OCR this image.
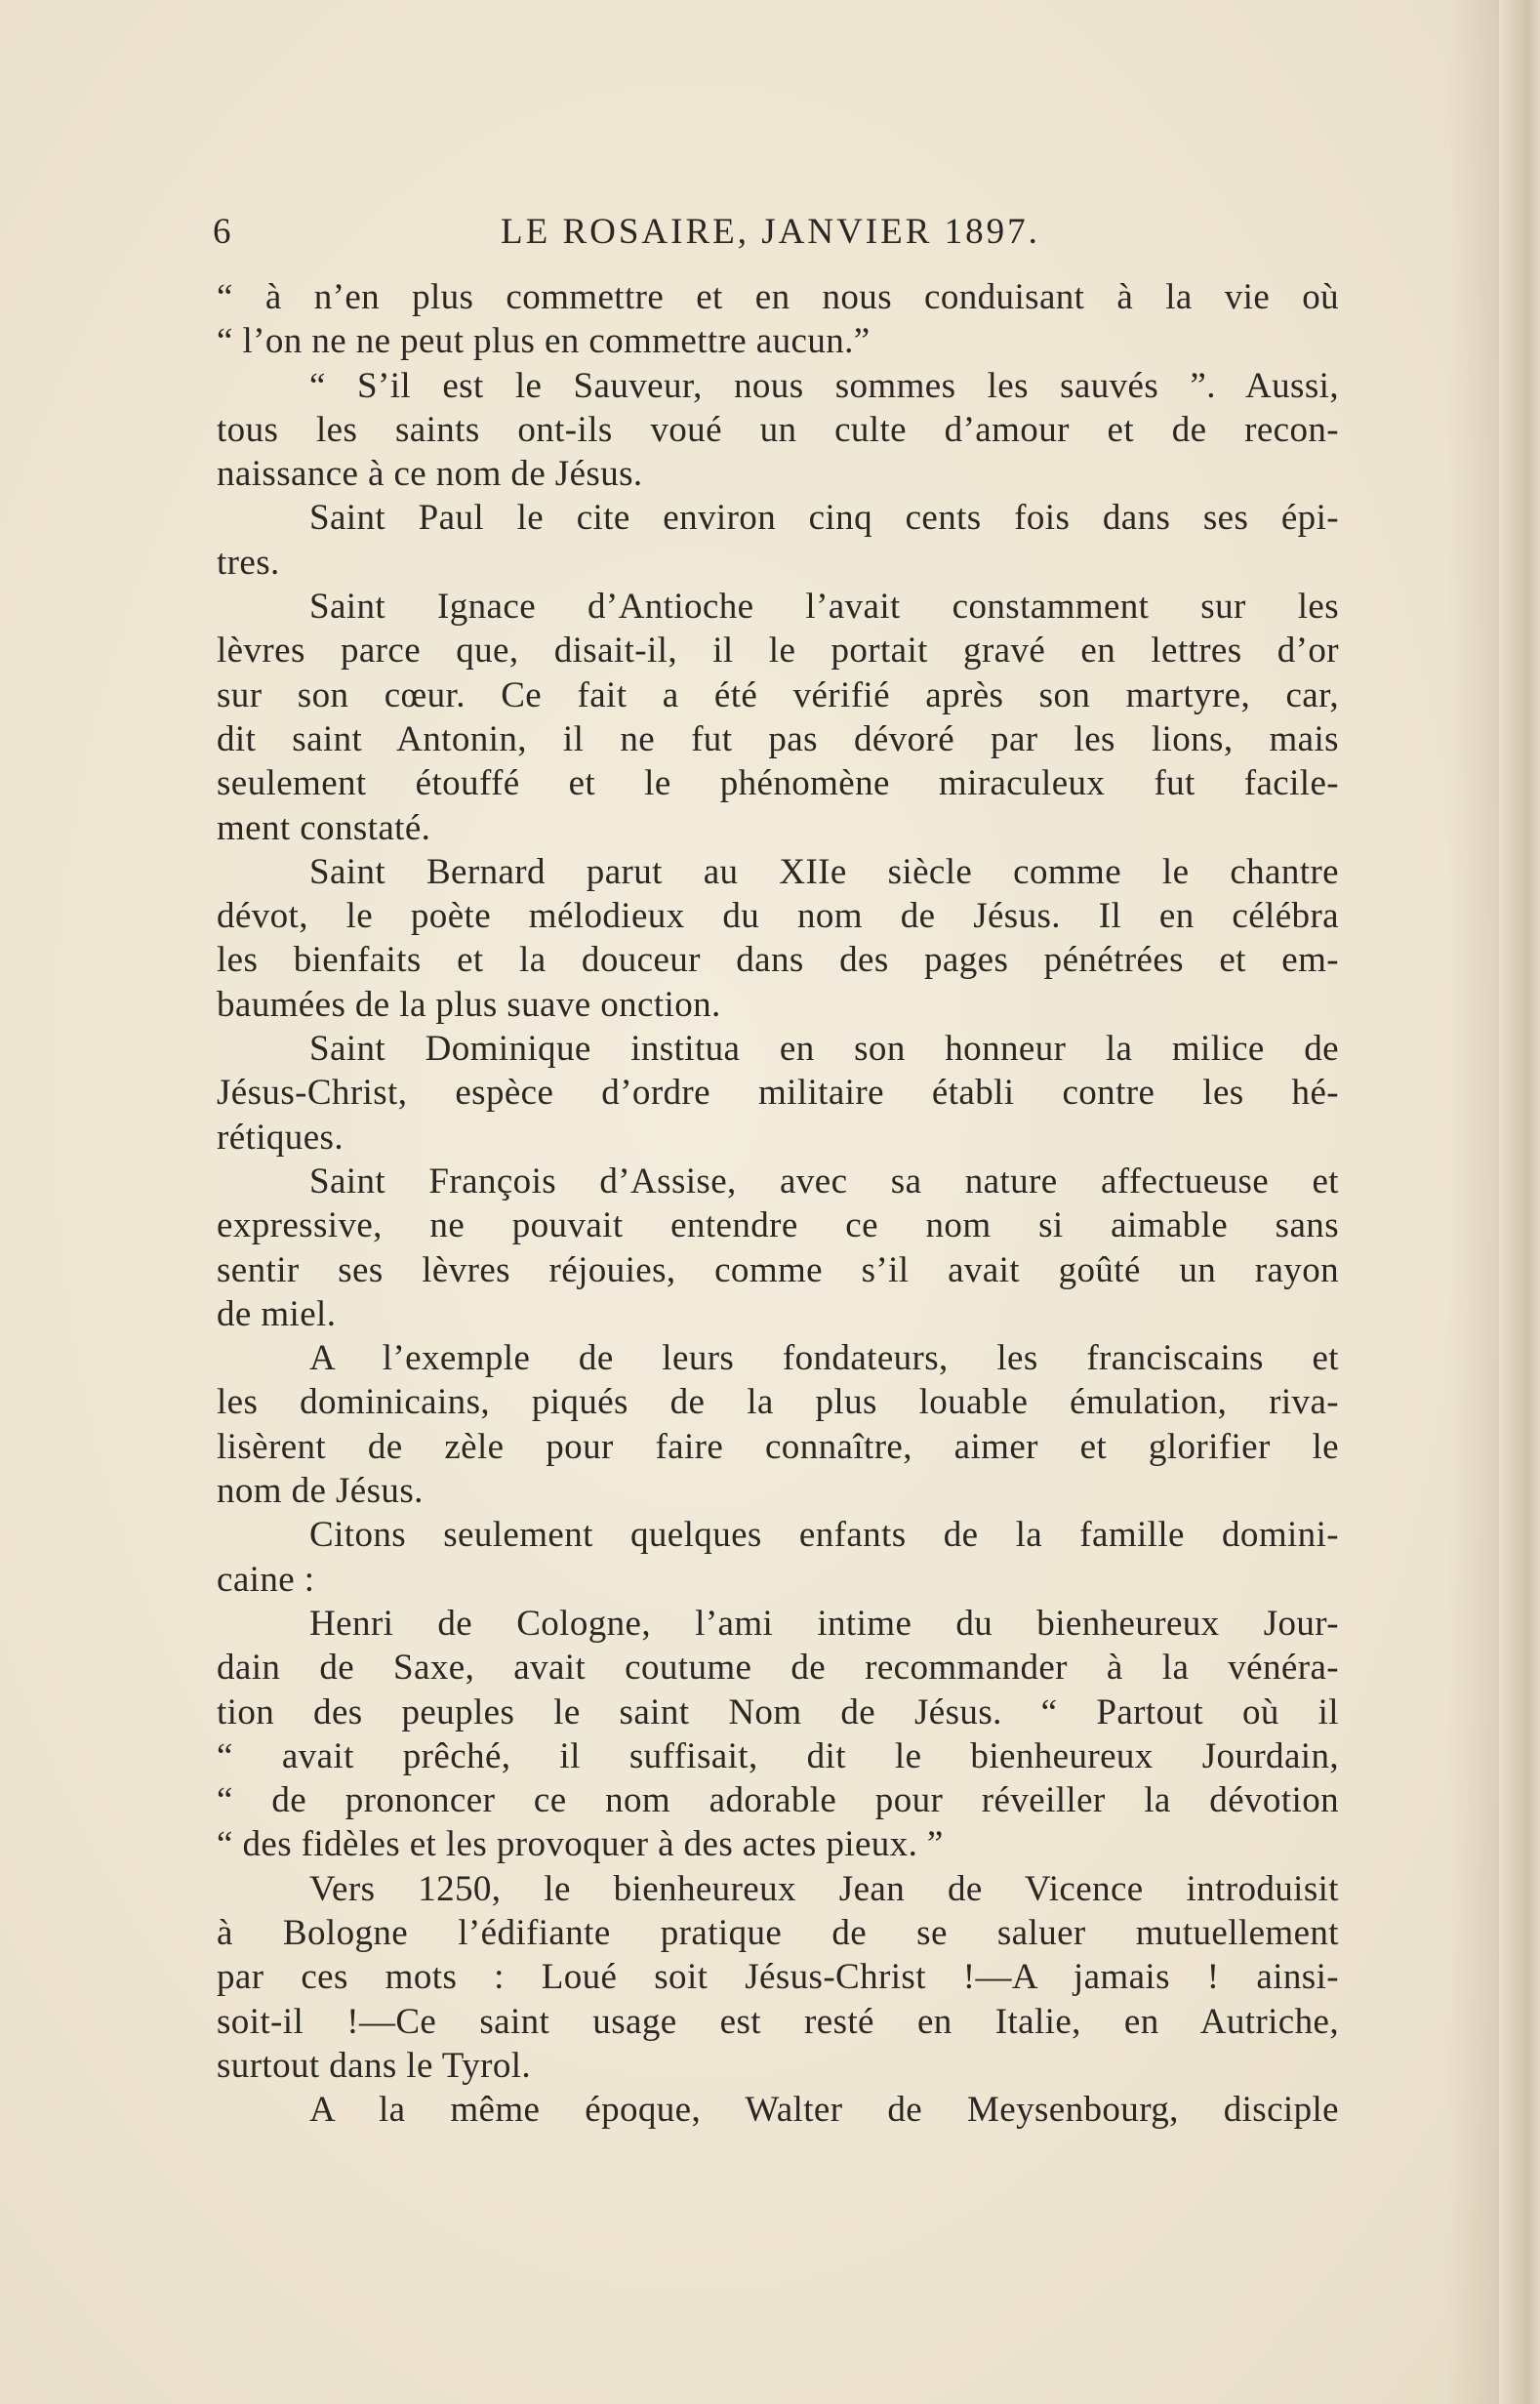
6	LE ROSAIRE, JANVIER 1897.
“ à n’en plus commettre et en nous conduisant à la vie où
“ l’on ne ne peut plus en commettre aucun.”
“ S’il est le Sauveur, nous sommes les sauvés ”. Aussi,
tous les saints ont-ils voué un culte d’amour et de recon-
naissance à ce nom de Jésus.
Saint Paul le cite environ cinq cents fois dans ses épi-
tres.
Saint Ignace d’Antioche l’avait constamment sur les
lèvres parce que, disait-il, il le portait gravé en lettres d’or
sur son cœur. Ce fait a été vérifié après son martyre, car,
dit saint Antonin, il ne fut pas dévoré par les lions, mais
seulement étouffé et le phénomène miraculeux fut facile-
ment constaté.
Saint Bernard parut au XIIe siècle comme le chantre
dévot, le poète mélodieux du nom de Jésus. Il en célébra
les bienfaits et la douceur dans des pages pénétrées et em-
baumées de la plus suave onction.
Saint Dominique institua en son honneur la milice de
Jésus-Christ, espèce d’ordre militaire établi contre les hé-
rétiques.
Saint François d’Assise, avec sa nature affectueuse et
expressive, ne pouvait entendre ce nom si aimable sans
sentir ses lèvres réjouies, comme s’il avait goûté un rayon
de miel.
A l’exemple de leurs fondateurs, les franciscains et
les dominicains, piqués de la plus louable émulation, riva-
lisèrent de zèle pour faire connaître, aimer et glorifier le
nom de Jésus.
Citons seulement quelques enfants de la famille domini-
caine :
Henri de Cologne, l’ami intime du bienheureux Jour-
dain de Saxe, avait coutume de recommander à la vénéra-
tion des peuples le saint Nom de Jésus. “ Partout où il
“ avait prêché, il suffisait, dit le bienheureux Jourdain,
“ de prononcer ce nom adorable pour réveiller la dévotion
“ des fidèles et les provoquer à des actes pieux. ”
Vers 1250, le bienheureux Jean de Vicence introduisit
à Bologne l’édifiante pratique de se saluer mutuellement
par ces mots : Loué soit Jésus-Christ !—A jamais ! ainsi-
soit-il !—Ce saint usage est resté en Italie, en Autriche,
surtout dans le Tyrol.
A la même époque, Walter de Meysenbourg, disciple
